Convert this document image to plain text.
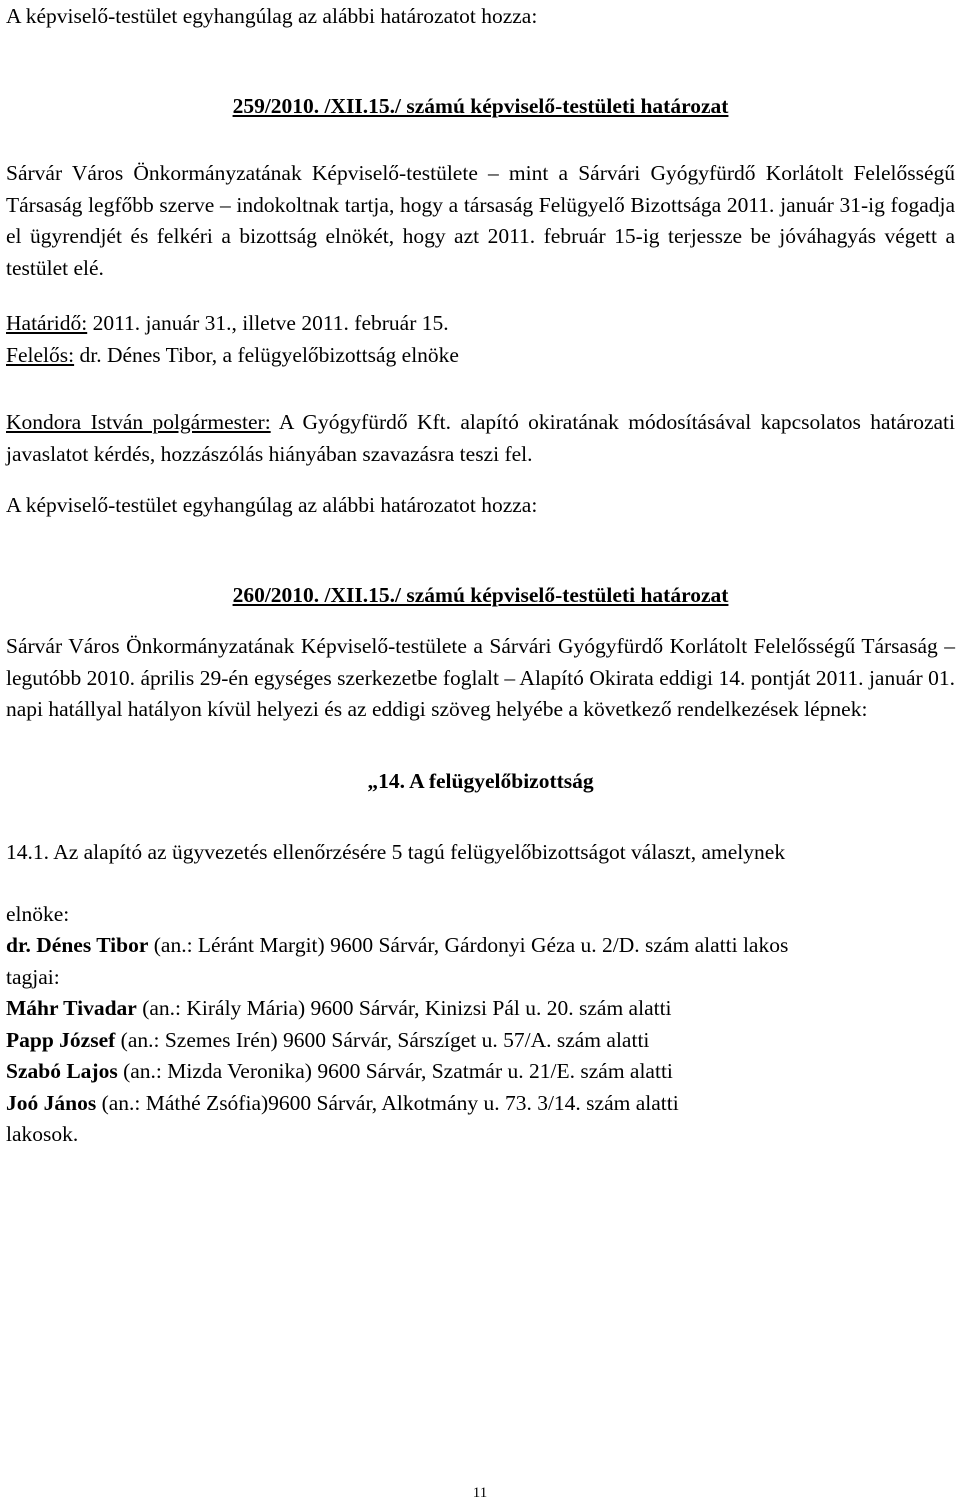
A képviselő-testület egyhangúlag az alábbi határozatot hozza:

259/2010. /XII.15./ számú képviselő-testületi határozat

Sárvár Város Önkormányzatának Képviselő-testülete – mint a Sárvári Gyógyfürdő Korlátolt Felelősségű Társaság legfőbb szerve – indokoltnak tartja, hogy a társaság Felügyelő Bizottsága 2011. január 31-ig fogadja el ügyrendjét és felkéri a bizottság elnökét, hogy azt 2011. február 15-ig terjessze be jóváhagyás végett a testület elé.

Határidő: 2011. január 31., illetve 2011. február 15.

Felelős: dr. Dénes Tibor, a felügyelőbizottság elnöke

Kondora István polgármester: A Gyógyfürdő Kft. alapító okiratának módosításával kapcsolatos határozati javaslatot kérdés, hozzászólás hiányában szavazásra teszi fel.

A képviselő-testület egyhangúlag az alábbi határozatot hozza:

260/2010. /XII.15./ számú képviselő-testületi határozat

Sárvár Város Önkormányzatának Képviselő-testülete a Sárvári Gyógyfürdő Korlátolt Felelősségű Társaság – legutóbb 2010. április 29-én egységes szerkezetbe foglalt – Alapító Okirata eddigi 14. pontját 2011. január 01. napi hatállyal hatályon kívül helyezi és az eddigi szöveg helyébe a következő rendelkezések lépnek:

„14. A felügyelőbizottság

14.1. Az alapító az ügyvezetés ellenőrzésére 5 tagú felügyelőbizottságot választ, amelynek

elnöke:

dr. Dénes Tibor (an.: Léránt Margit) 9600 Sárvár, Gárdonyi Géza u. 2/D. szám alatti lakos

tagjai:

Máhr Tivadar (an.: Király Mária) 9600 Sárvár, Kinizsi Pál u. 20. szám alatti

Papp József (an.: Szemes Irén) 9600 Sárvár, Sárszíget u. 57/A. szám alatti

Szabó Lajos (an.: Mizda Veronika) 9600 Sárvár, Szatmár u. 21/E. szám alatti

Joó János (an.: Máthé Zsófia)9600 Sárvár, Alkotmány u. 73. 3/14. szám alatti

lakosok.

11
